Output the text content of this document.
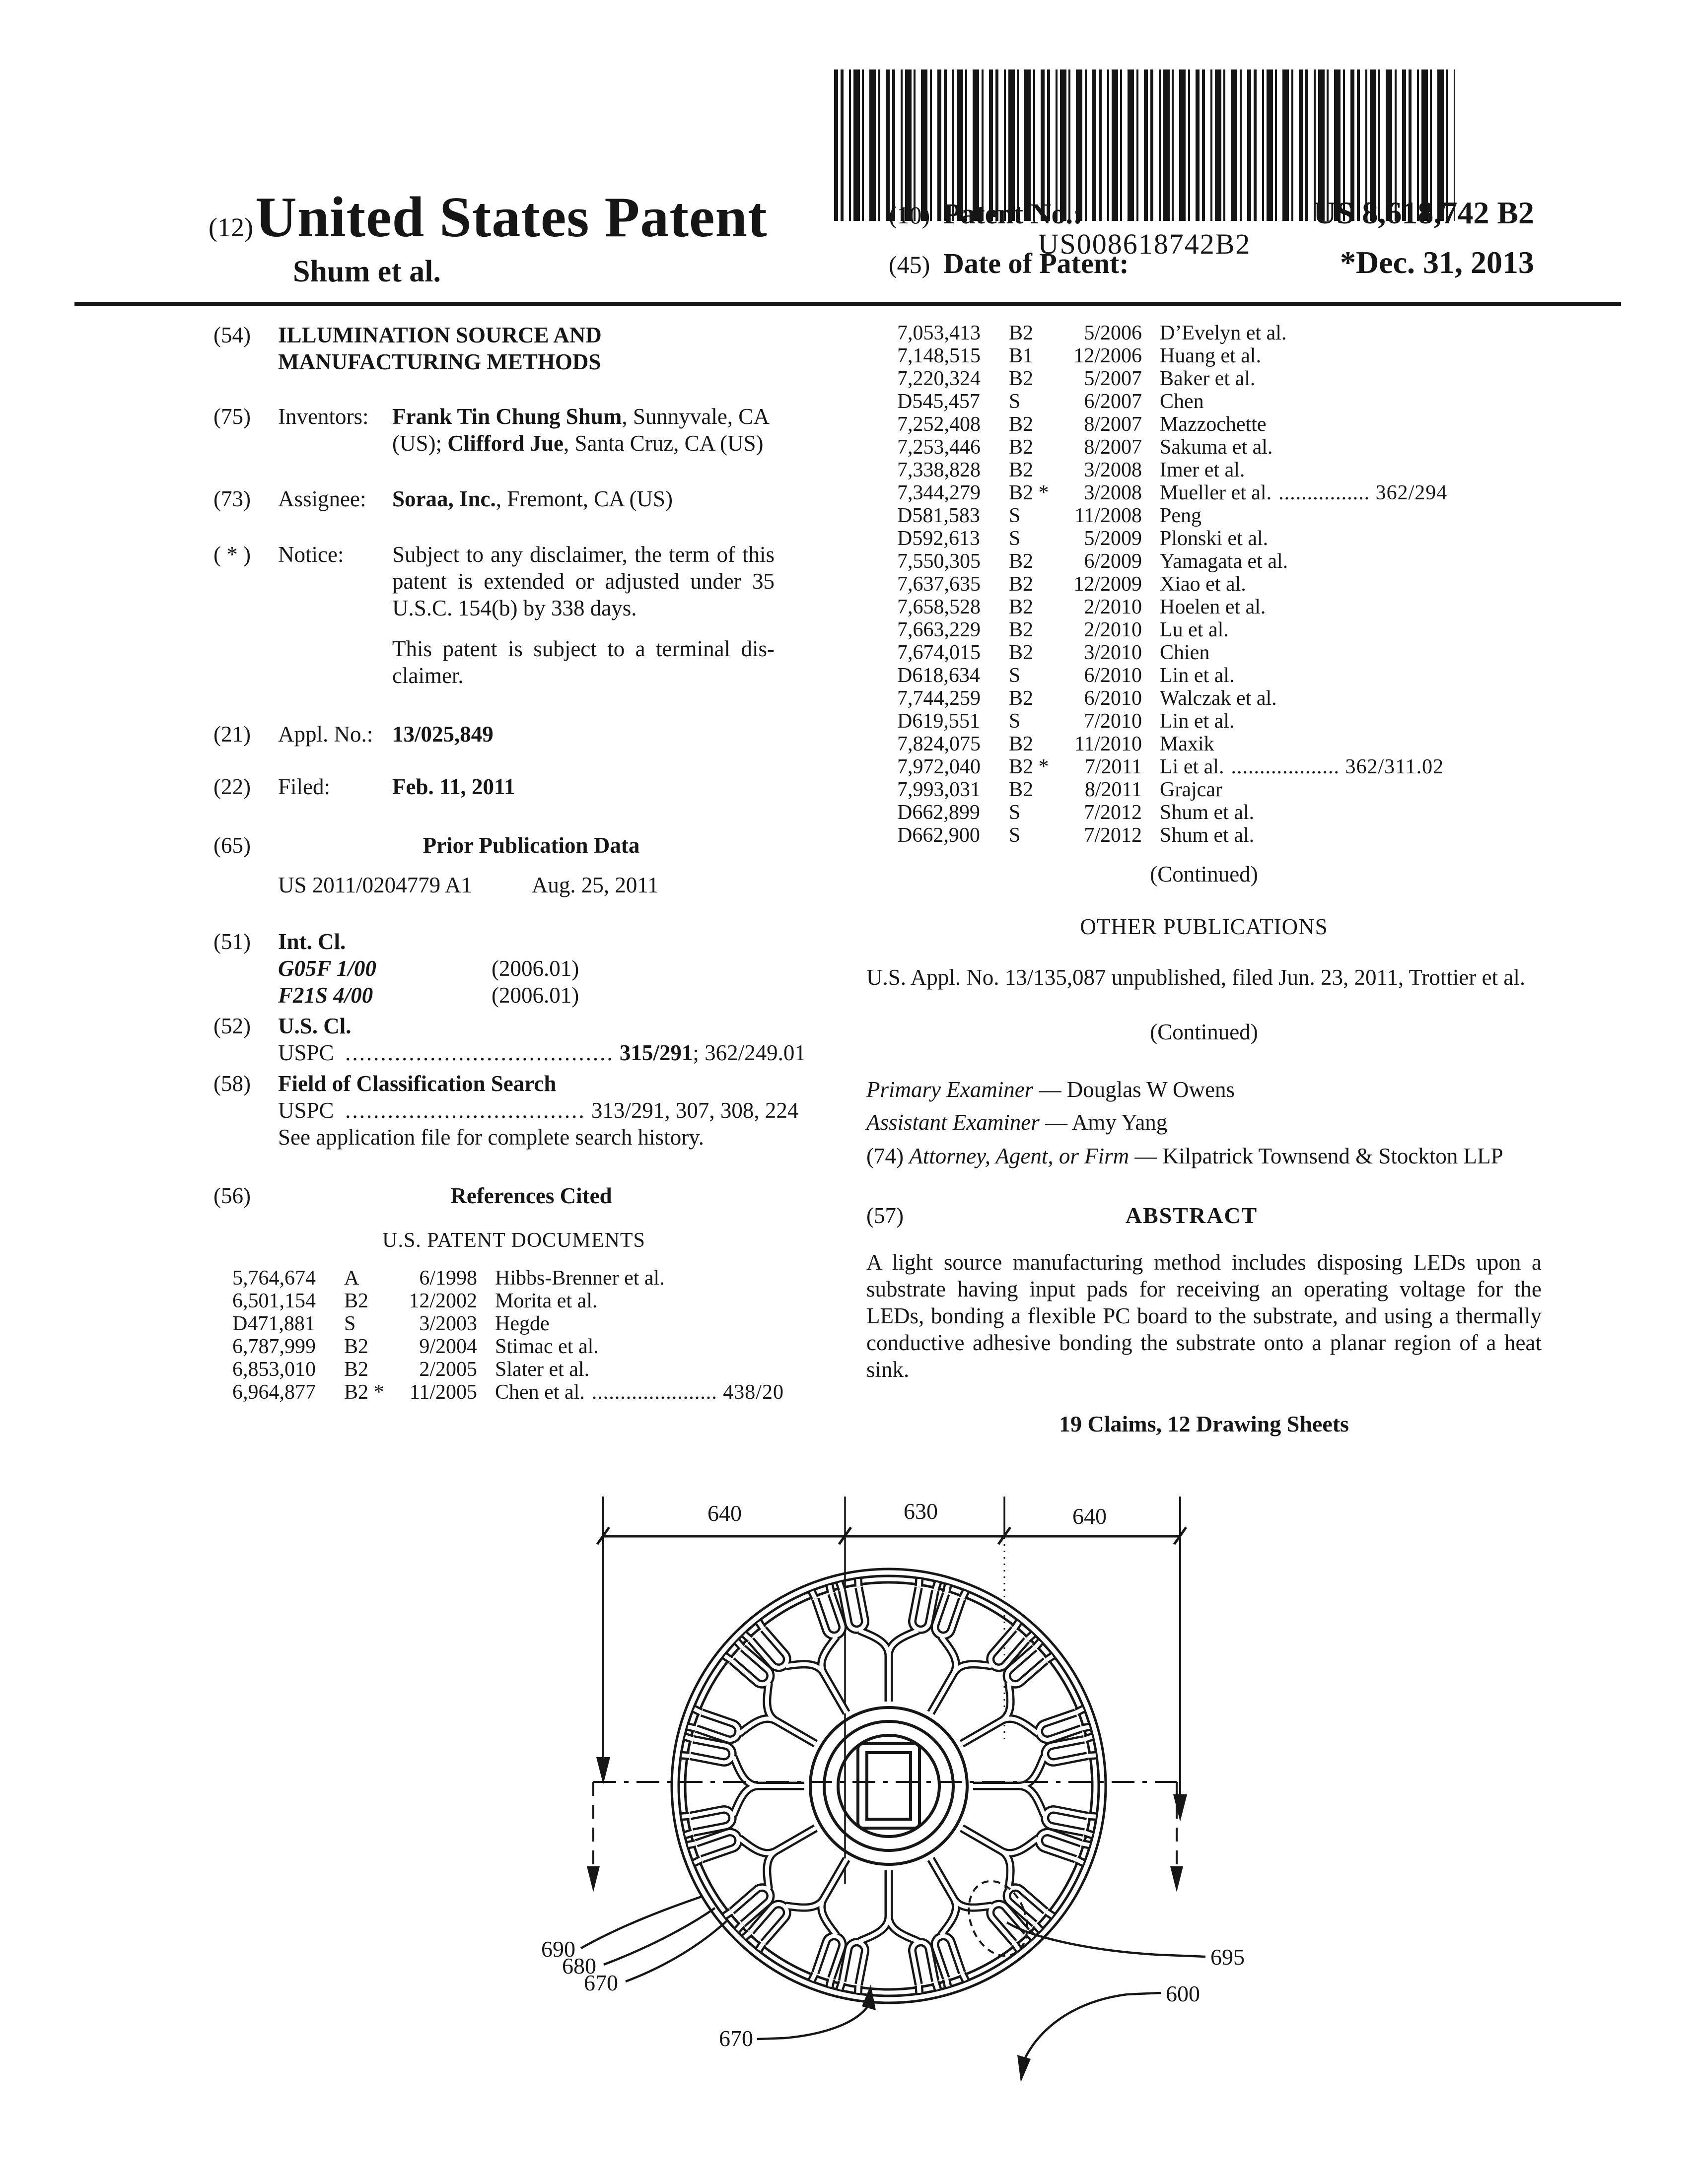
US008618742B2
(12) United States Patent
Shum et al.
(10) Patent No.:	US 8,618,742 B2
(45) Date of Patent:	*Dec. 31, 2013
(54)	ILLUMINATION SOURCE AND MANUFACTURING METHODS
(75)	Inventors: Frank Tin Chung Shum, Sunnyvale, CA (US); Clifford Jue, Santa Cruz, CA (US)
(73)	Assignee: Soraa, Inc., Fremont, CA (US)
( * )	Notice: Subject to any disclaimer, the term of this patent is extended or adjusted under 35 U.S.C. 154(b) by 338 days.
This patent is subject to a terminal dis-
claimer.
(21)	Appl. No.: 13/025,849
(22)	Filed:	Feb. 11, 2011
(65)	Prior Publication Data
US 2011/0204779 A1	Aug. 25, 2011
(51)	Int. Cl.
G05F 1/00	(2006.01)
F21S 4/00	(2006.01)
(52)	U.S. Cl.
USPC ...................................... 315/291; 362/249.01
(58)	Field of Classification Search
USPC .................................. 313/291, 307, 308, 224
See application file for complete search history.
(56)	References Cited
U.S. PATENT DOCUMENTS
5,764,674	A	6/1998 Hibbs-Brenner et al.
6,501,154	B2	12/2002 Morita et al.
D471,881	S	3/2003 Hegde
6,787,999	B2	9/2004 Stimac et al.
6,853,010	B2	2/2005 Slater et al.
6,964,877	B2 *	11/2005 Chen et al. ...................... 438/20
7,053,413	B2	5/2006 D’Evelyn et al.
7,148,515	B1	12/2006 Huang et al.
7,220,324	B2	5/2007 Baker et al.
D545,457	S	6/2007 Chen
7,252,408	B2	8/2007 Mazzochette
7,253,446	B2	8/2007 Sakuma et al.
7,338,828	B2	3/2008 Imer et al.
7,344,279	B2 *	3/2008 Mueller et al. ................ 362/294
D581,583	S	11/2008 Peng
D592,613	S	5/2009 Plonski et al.
7,550,305	B2	6/2009 Yamagata et al.
7,637,635	B2	12/2009 Xiao et al.
7,658,528	B2	2/2010 Hoelen et al.
7,663,229	B2	2/2010 Lu et al.
7,674,015	B2	3/2010 Chien
D618,634	S	6/2010 Lin et al.
7,744,259	B2	6/2010 Walczak et al.
D619,551	S	7/2010 Lin et al.
7,824,075	B2	11/2010 Maxik
7,972,040	B2 *	7/2011 Li et al. ................... 362/311.02
7,993,031	B2	8/2011 Grajcar
D662,899	S	7/2012 Shum et al.
D662,900	S	7/2012 Shum et al.
(Continued)
OTHER PUBLICATIONS
U.S. Appl. No. 13/135,087 unpublished, filed Jun. 23, 2011, Trottier et al.
(Continued)
Primary Examiner — Douglas W Owens
Assistant Examiner — Amy Yang
(74) Attorney, Agent, or Firm — Kilpatrick Townsend & Stockton LLP
(57)	ABSTRACT
A light source manufacturing method includes disposing LEDs upon a substrate having input pads for receiving an operating voltage for the LEDs, bonding a flexible PC board to the substrate, and using a thermally conductive adhesive bonding the substrate onto a planar region of a heat sink.
19 Claims, 12 Drawing Sheets
640	630	640
690
680
670
670
695
600
